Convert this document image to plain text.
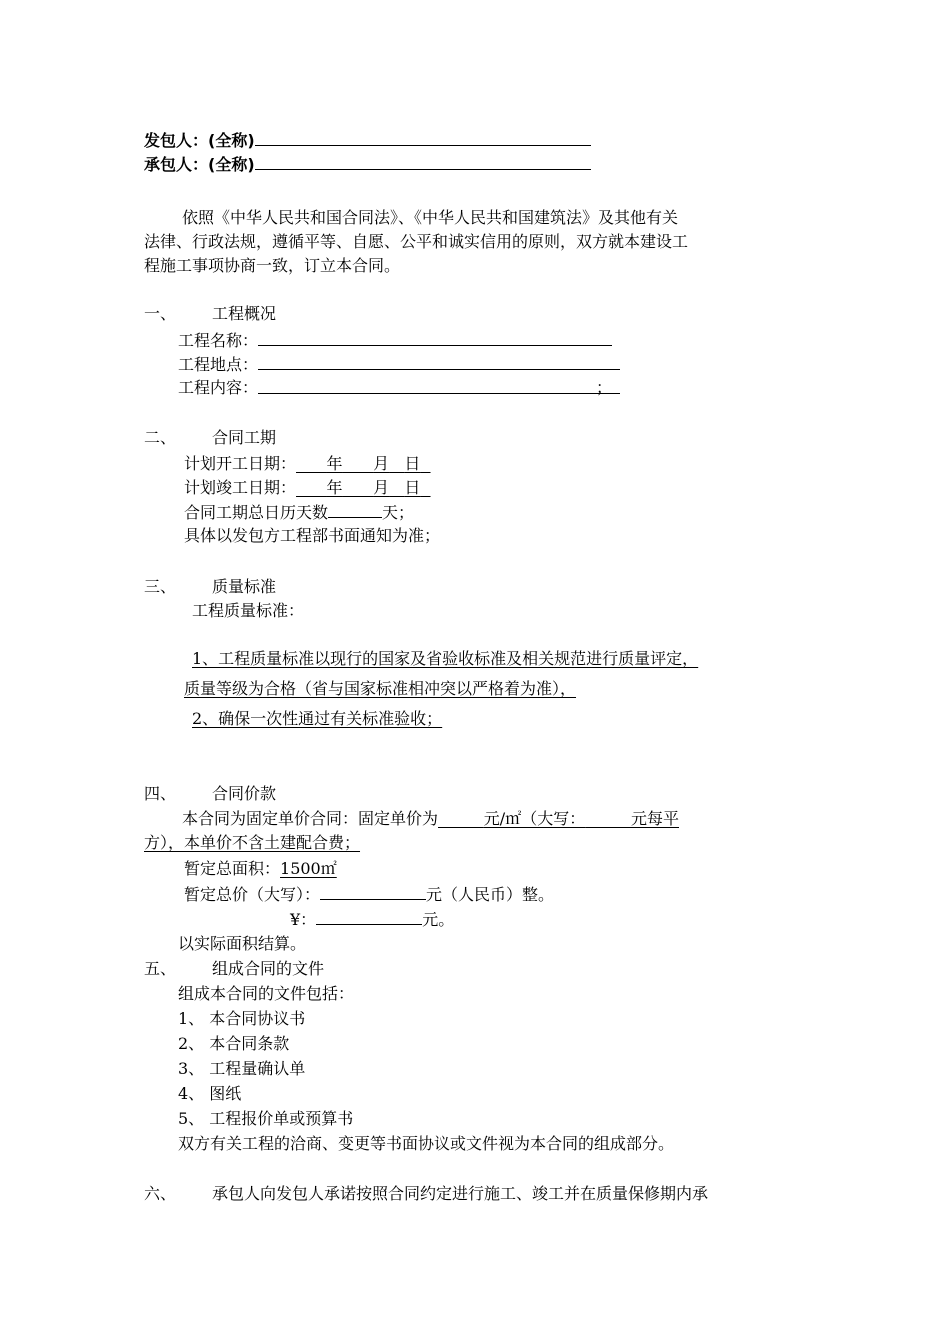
发包人：(全称)
承包人：(全称)
依照《中华人民共和国合同法》、《中华人民共和国建筑法》及其他有关
法律、行政法规，遵循平等、自愿、公平和诚实信用的原则，双方就本建设工
程施工事项协商一致，订立本合同。
一、 工程概况
工程名称：
工程地点：
工程内容：	；
二、 合同工期
计划开工日期： 年 月 日
计划竣工日期： 年 月 日
合同工期总日历天数	天；
具体以发包方工程部书面通知为准；
三、 质量标准
工程质量标准：
1、工程质量标准以现行的国家及省验收标准及相关规范进行质量评定，
质量等级为合格（省与国家标准相冲突以严格着为准），
2、确保一次性通过有关标准验收；
四、 合同价款
本合同为固定单价合同：固定单价为	元/㎡（大写：	元每平
方），本单价不含土建配合费；
暂定总面积：1500㎡
暂定总价（大写）：	元（人民币）整。
¥：	元。
以实际面积结算。
五、 组成合同的文件
组成本合同的文件包括：
1、 本合同协议书
2、 本合同条款
3、 工程量确认单
4、 图纸
5、 工程报价单或预算书
双方有关工程的洽商、变更等书面协议或文件视为本合同的组成部分。
六、 承包人向发包人承诺按照合同约定进行施工、竣工并在质量保修期内承
